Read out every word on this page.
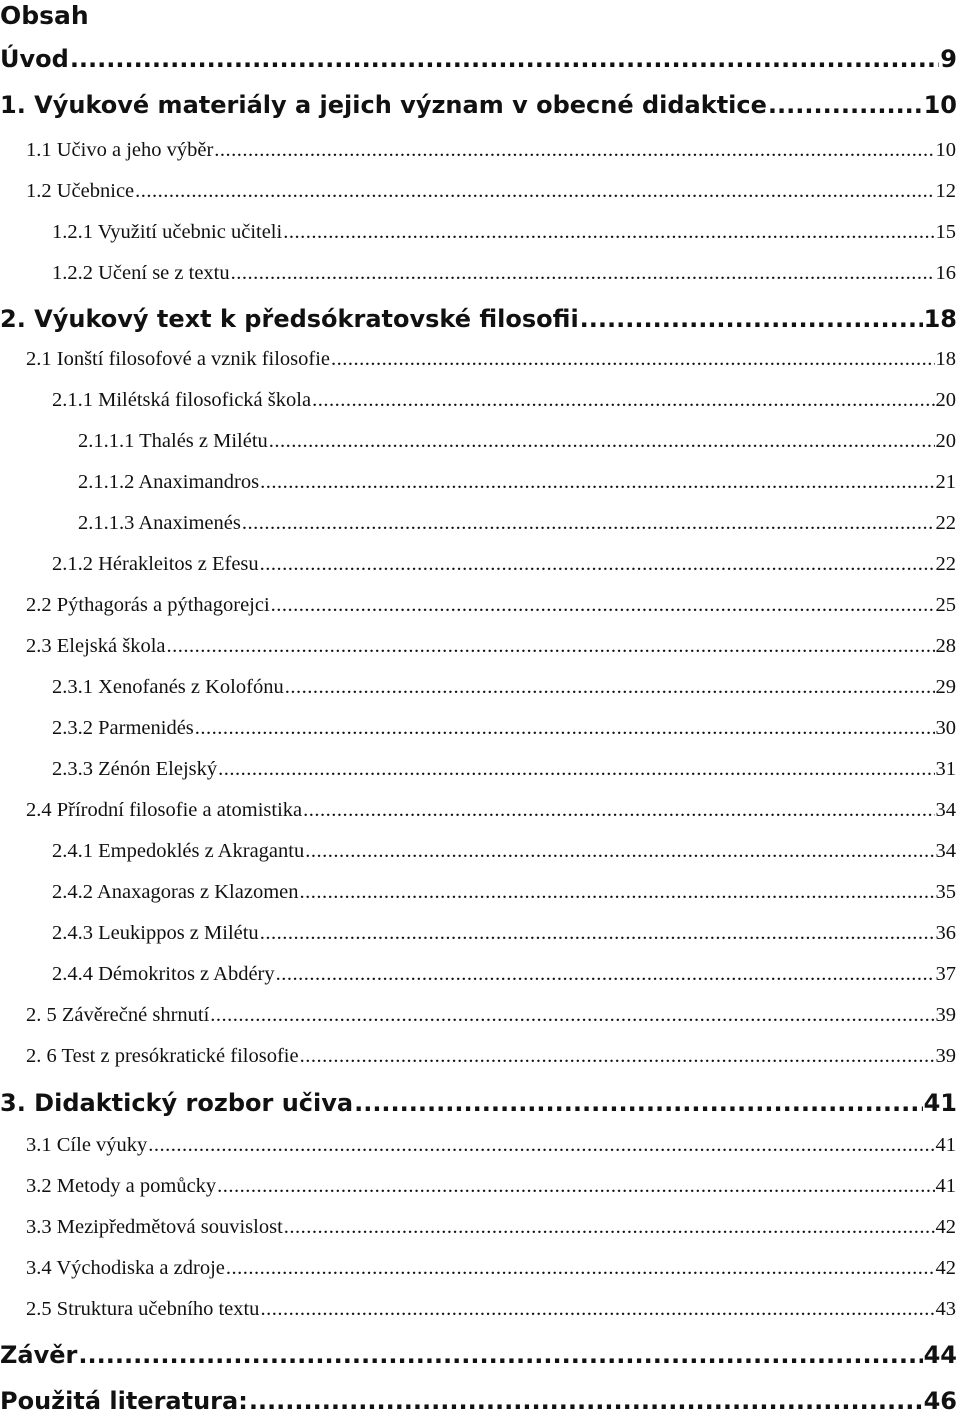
Obsah
Úvod .....	9
1. Výukové materiály a jejich význam v obecné didaktice .....	10
1.1 Učivo a jeho výběr .....	10
1.2 Učebnice .....	12
1.2.1 Využití učebnic učiteli .....	15
1.2.2 Učení se z textu .....	16
2. Výukový text k předsókratovské filosofii .....	18
2.1 Ionští filosofové a vznik filosofie .....	18
2.1.1 Milétská filosofická škola .....	20
2.1.1.1 Thalés z Milétu .....	20
2.1.1.2 Anaximandros .....	21
2.1.1.3 Anaximenés .....	22
2.1.2 Hérakleitos z Efesu .....	22
2.2 Pýthagorás a pýthagorejci .....	25
2.3 Elejská škola .....	28
2.3.1 Xenofanés z Kolofónu .....	29
2.3.2 Parmenidés .....	30
2.3.3 Zénón Elejský .....	31
2.4 Přírodní filosofie a atomistika .....	34
2.4.1 Empedoklés z Akragantu .....	34
2.4.2 Anaxagoras z Klazomen .....	35
2.4.3 Leukippos z Milétu .....	36
2.4.4 Démokritos z Abdéry .....	37
2. 5 Závěrečné shrnutí .....	39
2. 6 Test z presókratické filosofie .....	39
3. Didaktický rozbor učiva .....	41
3.1 Cíle výuky .....	41
3.2 Metody a pomůcky .....	41
3.3 Mezipředmětová souvislost .....	42
3.4 Východiska a zdroje .....	42
2.5 Struktura učebního textu .....	43
Závěr .....	44
Použitá literatura: .....	46
